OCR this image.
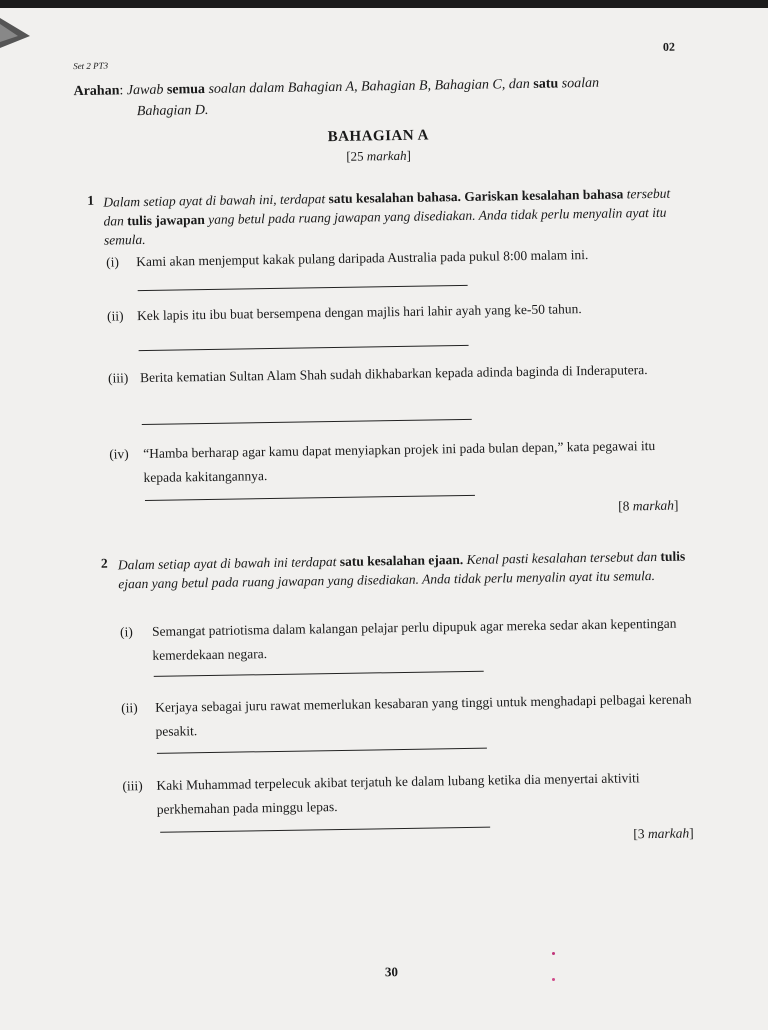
Set 2 PT3
02
Arahan: Jawab semua soalan dalam Bahagian A, Bahagian B, Bahagian C, dan satu soalan
Bahagian D.
BAHAGIAN A
[25 markah]
1 Dalam setiap ayat di bawah ini, terdapat satu kesalahan bahasa. Gariskan kesalahan bahasa tersebut dan tulis jawapan yang betul pada ruang jawapan yang disediakan. Anda tidak perlu menyalin ayat itu semula.
(i) Kami akan menjemput kakak pulang daripada Australia pada pukul 8:00 malam ini.
(ii) Kek lapis itu ibu buat bersempena dengan majlis hari lahir ayah yang ke-50 tahun.
(iii) Berita kematian Sultan Alam Shah sudah dikhabarkan kepada adinda baginda di Inderaputera.
(iv) “Hamba berharap agar kamu dapat menyiapkan projek ini pada bulan depan,” kata pegawai itu kepada kakitangannya.
[8 markah]
2 Dalam setiap ayat di bawah ini terdapat satu kesalahan ejaan. Kenal pasti kesalahan tersebut dan tulis ejaan yang betul pada ruang jawapan yang disediakan. Anda tidak perlu menyalin ayat itu semula.
(i) Semangat patriotisma dalam kalangan pelajar perlu dipupuk agar mereka sedar akan kepentingan kemerdekaan negara.
(ii) Kerjaya sebagai juru rawat memerlukan kesabaran yang tinggi untuk menghadapi pelbagai kerenah pesakit.
(iii) Kaki Muhammad terpelecuk akibat terjatuh ke dalam lubang ketika dia menyertai aktiviti perkhemahan pada minggu lepas.
[3 markah]
30
